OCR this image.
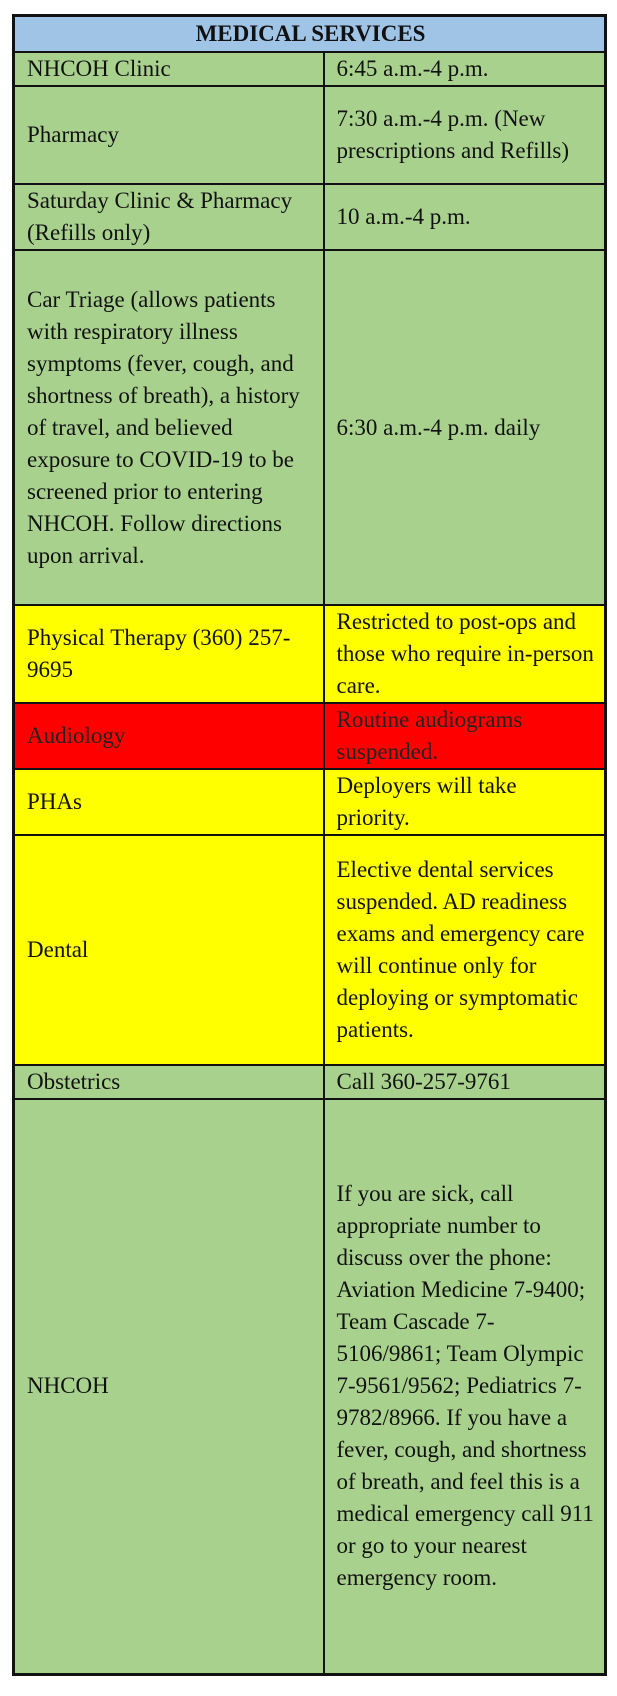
MEDICAL SERVICES	
NHCOH Clinic	6:45 a.m.-4 p.m.
Pharmacy	7:30 a.m.-4 p.m. (New prescriptions and Refills)
Saturday Clinic & Pharmacy (Refills only)	10 a.m.-4 p.m.
Car Triage (allows patients with respiratory illness symptoms (fever, cough, and shortness of breath), a history of travel, and believed exposure to COVID-19 to be screened prior to entering NHCOH. Follow directions upon arrival.	6:30 a.m.-4 p.m. daily
Physical Therapy (360) 257-9695	Restricted to post-ops and those who require in-person care.
Audiology	Routine audiograms suspended.
PHAs	Deployers will take priority.
Dental	Elective dental services suspended. AD readiness exams and emergency care will continue only for deploying or symptomatic patients.
Obstetrics	Call 360-257-9761
NHCOH	If you are sick, call appropriate number to discuss over the phone: Aviation Medicine 7-9400; Team Cascade 7-5106/9861; Team Olympic 7-9561/9562; Pediatrics 7-9782/8966. If you have a fever, cough, and shortness of breath, and feel this is a medical emergency call 911 or go to your nearest emergency room.
